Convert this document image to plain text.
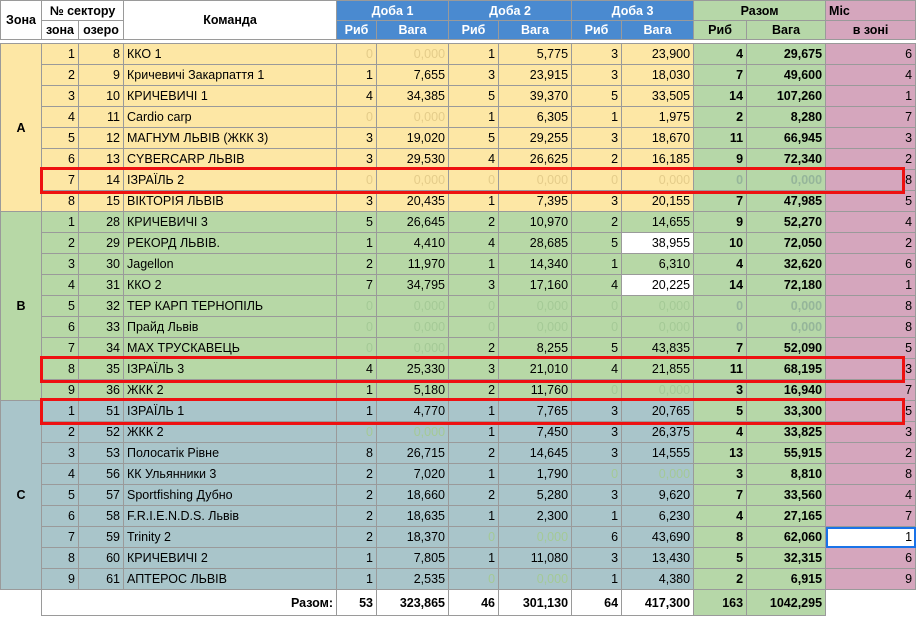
Зона	№ сектору		Команда	Доба 1		Доба 2		Доба 3		Разом		Міс
	зона	озеро		Риб	Вага	Риб	Вага	Риб	Вага	Риб	Вага	в зоні

A	1	8	ККО 1	0	0,000	1	5,775	3	23,900	4	29,675	6
	2	9	Кричевичі Закарпаття 1	1	7,655	3	23,915	3	18,030	7	49,600	4
	3	10	КРИЧЕВИЧІ 1	4	34,385	5	39,370	5	33,505	14	107,260	1
	4	11	Cardio carp	0	0,000	1	6,305	1	1,975	2	8,280	7
	5	12	МАГНУМ ЛЬВІВ (ЖКК 3)	3	19,020	5	29,255	3	18,670	11	66,945	3
	6	13	CYBERCARP ЛЬВІВ	3	29,530	4	26,625	2	16,185	9	72,340	2
	7	14	ІЗРАЇЛЬ 2	0	0,000	0	0,000	0	0,000	0	0,000	8
	8	15	ВІКТОРІЯ ЛЬВІВ	3	20,435	1	7,395	3	20,155	7	47,985	5
B	1	28	КРИЧЕВИЧІ 3	5	26,645	2	10,970	2	14,655	9	52,270	4
	2	29	РЕКОРД ЛЬВІВ.	1	4,410	4	28,685	5	38,955	10	72,050	2
	3	30	Jagellon	2	11,970	1	14,340	1	6,310	4	32,620	6
	4	31	ККО 2	7	34,795	3	17,160	4	20,225	14	72,180	1
	5	32	ТЕР КАРП ТЕРНОПІЛЬ	0	0,000	0	0,000	0	0,000	0	0,000	8
	6	33	Прайд Львів	0	0,000	0	0,000	0	0,000	0	0,000	8
	7	34	MAX ТРУСКАВЕЦЬ	0	0,000	2	8,255	5	43,835	7	52,090	5
	8	35	ІЗРАЇЛЬ 3	4	25,330	3	21,010	4	21,855	11	68,195	3
	9	36	ЖКК 2	1	5,180	2	11,760	0	0,000	3	16,940	7
C	1	51	ІЗРАЇЛЬ 1	1	4,770	1	7,765	3	20,765	5	33,300	5
	2	52	ЖКК 2	0	0,000	1	7,450	3	26,375	4	33,825	3
	3	53	Полосатік Рівне	8	26,715	2	14,645	3	14,555	13	55,915	2
	4	56	КК Ульянники 3	2	7,020	1	1,790	0	0,000	3	8,810	8
	5	57	Sportfishing Дубно	2	18,660	2	5,280	3	9,620	7	33,560	4
	6	58	F.R.I.E.N.D.S. Львів	2	18,635	1	2,300	1	6,230	4	27,165	7
	7	59	Trinity 2	2	18,370	0	0,000	6	43,690	8	62,060	1
	8	60	КРИЧЕВИЧІ 2	1	7,805	1	11,080	3	13,430	5	32,315	6
	9	61	АПТЕРОС ЛЬВІВ	1	2,535	0	0,000	1	4,380	2	6,915	9
	Разом:			53	323,865	46	301,130	64	417,300	163	1042,295	
